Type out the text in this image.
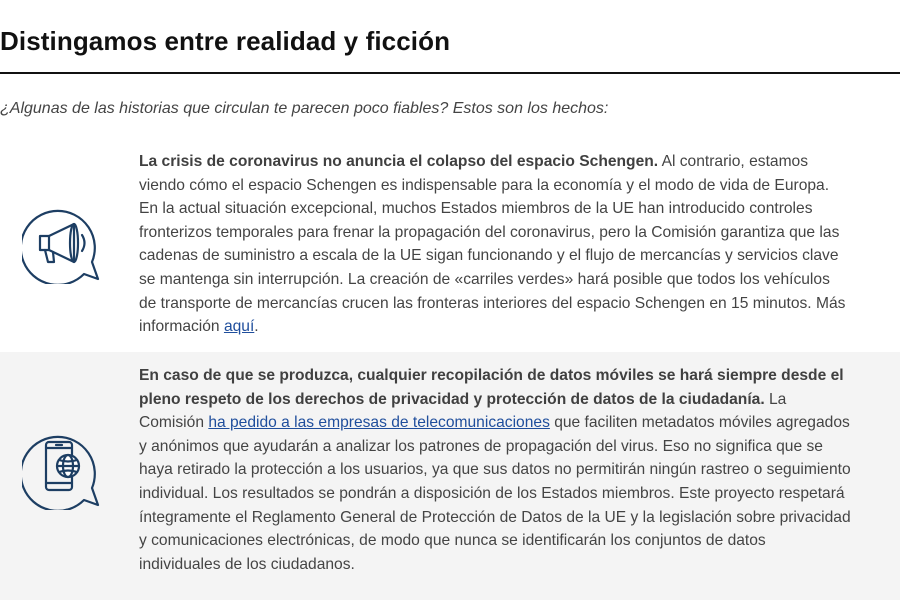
Distingamos entre realidad y ficción

¿Algunas de las historias que circulan te parecen poco fiables? Estos son los hechos:

La crisis de coronavirus no anuncia el colapso del espacio Schengen. Al contrario, estamos viendo cómo el espacio Schengen es indispensable para la economía y el modo de vida de Europa. En la actual situación excepcional, muchos Estados miembros de la UE han introducido controles fronterizos temporales para frenar la propagación del coronavirus, pero la Comisión garantiza que las cadenas de suministro a escala de la UE sigan funcionando y el flujo de mercancías y servicios clave se mantenga sin interrupción. La creación de «carriles verdes» hará posible que todos los vehículos de transporte de mercancías crucen las fronteras interiores del espacio Schengen en 15 minutos. Más información aquí.

En caso de que se produzca, cualquier recopilación de datos móviles se hará siempre desde el pleno respeto de los derechos de privacidad y protección de datos de la ciudadanía. La Comisión ha pedido a las empresas de telecomunicaciones que faciliten metadatos móviles agregados y anónimos que ayudarán a analizar los patrones de propagación del virus. Eso no significa que se haya retirado la protección a los usuarios, ya que sus datos no permitirán ningún rastreo o seguimiento individual. Los resultados se pondrán a disposición de los Estados miembros. Este proyecto respetará íntegramente el Reglamento General de Protección de Datos de la UE y la legislación sobre privacidad y comunicaciones electrónicas, de modo que nunca se identificarán los conjuntos de datos individuales de los ciudadanos.
